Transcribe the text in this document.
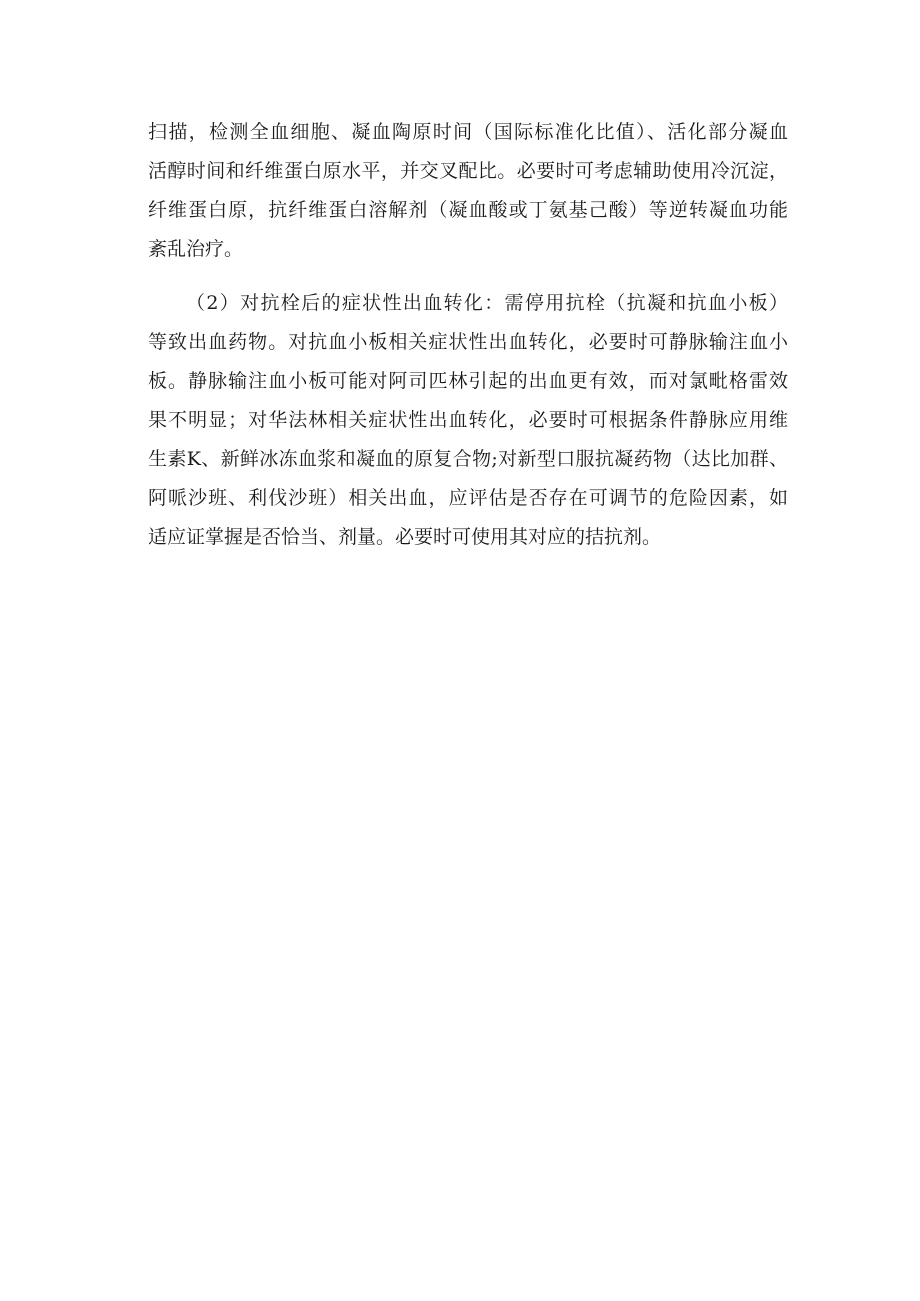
扫描，检测全血细胞、凝血陶原时间（国际标准化比值）、活化部分凝血
活醇时间和纤维蛋白原水平，并交叉配比。必要时可考虑辅助使用冷沉淀，
纤维蛋白原，抗纤维蛋白溶解剂（凝血酸或丁氨基己酸）等逆转凝血功能
紊乱治疗。
（2）对抗栓后的症状性出血转化：需停用抗栓（抗凝和抗血小板）
等致出血药物。对抗血小板相关症状性出血转化，必要时可静脉输注血小
板。静脉输注血小板可能对阿司匹林引起的出血更有效，而对氯毗格雷效
果不明显；对华法林相关症状性出血转化，必要时可根据条件静脉应用维
生素K、新鲜冰冻血浆和凝血的原复合物;对新型口服抗凝药物（达比加群、
阿哌沙班、利伐沙班）相关出血，应评估是否存在可调节的危险因素，如
适应证掌握是否恰当、剂量。必要时可使用其对应的拮抗剂。
